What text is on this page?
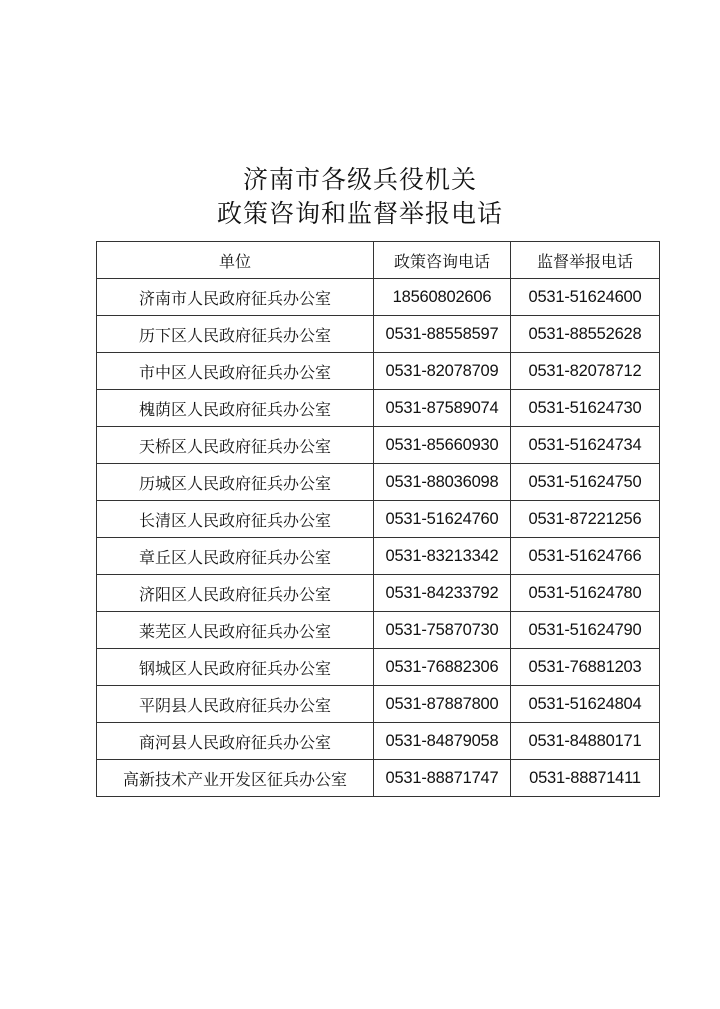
济南市各级兵役机关
政策咨询和监督举报电话
单位	政策咨询电话	监督举报电话
济南市人民政府征兵办公室	18560802606	0531-51624600
历下区人民政府征兵办公室	0531-88558597	0531-88552628
市中区人民政府征兵办公室	0531-82078709	0531-82078712
槐荫区人民政府征兵办公室	0531-87589074	0531-51624730
天桥区人民政府征兵办公室	0531-85660930	0531-51624734
历城区人民政府征兵办公室	0531-88036098	0531-51624750
长清区人民政府征兵办公室	0531-51624760	0531-87221256
章丘区人民政府征兵办公室	0531-83213342	0531-51624766
济阳区人民政府征兵办公室	0531-84233792	0531-51624780
莱芜区人民政府征兵办公室	0531-75870730	0531-51624790
钢城区人民政府征兵办公室	0531-76882306	0531-76881203
平阴县人民政府征兵办公室	0531-87887800	0531-51624804
商河县人民政府征兵办公室	0531-84879058	0531-84880171
高新技术产业开发区征兵办公室	0531-88871747	0531-88871411
